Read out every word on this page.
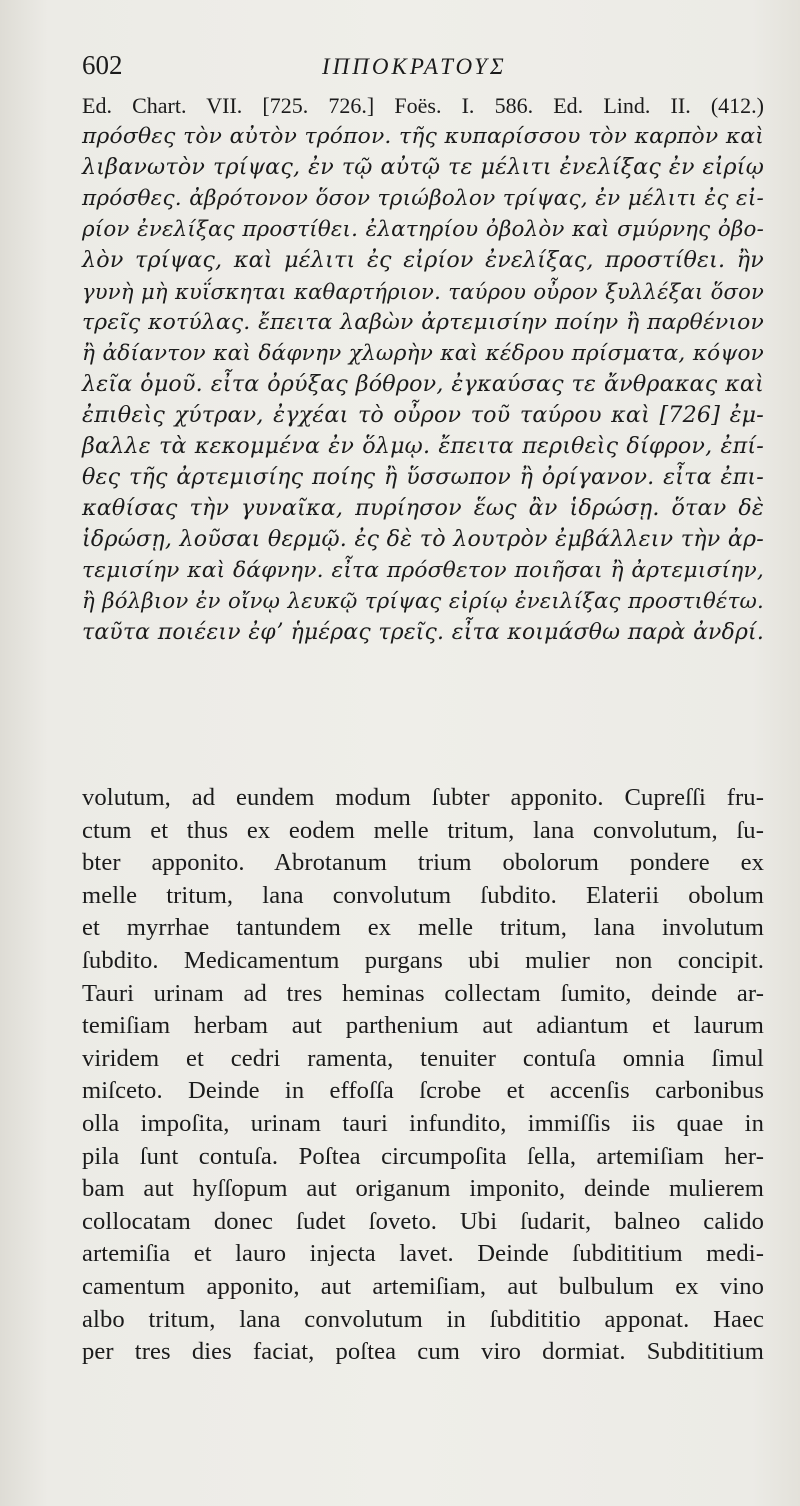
602	ΙΠΠΟΚΡΑΤΟΥΣ
Ed. Chart. VII. [725. 726.] Foës. I. 586. Ed. Lind. II. (412.)
πρόσθες τὸν αὐτὸν τρόπον. τῆς κυπαρίσσου τὸν καρπὸν καὶ
λιβανωτὸν τρίψας, ἐν τῷ αὐτῷ τε μέλιτι ἐνελίξας ἐν εἰρίῳ
πρόσθες. ἀβρότονον ὅσον τριώβολον τρίψας, ἐν μέλιτι ἐς εἰ-
ρίον ἐνελίξας προστίθει. ἐλατηρίου ὀβολὸν καὶ σμύρνης ὀβο-
λὸν τρίψας, καὶ μέλιτι ἐς εἰρίον ἐνελίξας, προστίθει. ἢν
γυνὴ μὴ κυΐσκηται καθαρτήριον. ταύρου οὖρον ξυλλέξαι ὅσον
τρεῖς κοτύλας. ἔπειτα λαβὼν ἀρτεμισίην ποίην ἢ παρθένιον
ἢ ἀδίαντον καὶ δάφνην χλωρὴν καὶ κέδρου πρίσματα, κόψον
λεῖα ὁμοῦ. εἶτα ὀρύξας βόθρον, ἐγκαύσας τε ἄνθρακας καὶ
ἐπιθεὶς χύτραν, ἐγχέαι τὸ οὖρον τοῦ ταύρου καὶ [726] ἐμ-
βαλλε τὰ κεκομμένα ἐν ὅλμῳ. ἔπειτα περιθεὶς δίφρον, ἐπί-
θες τῆς ἀρτεμισίης ποίης ἢ ὕσσωπον ἢ ὀρίγανον. εἶτα ἐπι-
καθίσας τὴν γυναῖκα, πυρίησον ἕως ἂν ἱδρώσῃ. ὅταν δὲ
ἱδρώσῃ, λοῦσαι θερμῷ. ἐς δὲ τὸ λουτρὸν ἐμβάλλειν τὴν ἀρ-
τεμισίην καὶ δάφνην. εἶτα πρόσθετον ποιῆσαι ἢ ἀρτεμισίην,
ἢ βόλβιον ἐν οἴνῳ λευκῷ τρίψας εἰρίῳ ἐνειλίξας προστιθέτω.
ταῦτα ποιέειν ἐφʼ ἡμέρας τρεῖς. εἶτα κοιμάσθω παρὰ ἀνδρί.
volutum, ad eundem modum ſubter apponito. Cupreſſi fru-
ctum et thus ex eodem melle tritum, lana convolutum, ſu-
bter apponito. Abrotanum trium obolorum pondere ex
melle tritum, lana convolutum ſubdito. Elaterii obolum
et myrrhae tantundem ex melle tritum, lana involutum
ſubdito. Medicamentum purgans ubi mulier non concipit.
Tauri urinam ad tres heminas collectam ſumito, deinde ar-
temiſiam herbam aut parthenium aut adiantum et laurum
viridem et cedri ramenta, tenuiter contuſa omnia ſimul
miſceto. Deinde in effoſſa ſcrobe et accenſis carbonibus
olla impoſita, urinam tauri infundito, immiſſis iis quae in
pila ſunt contuſa. Poſtea circumpoſita ſella, artemiſiam her-
bam aut hyſſopum aut origanum imponito, deinde mulierem
collocatam donec ſudet ſoveto. Ubi ſudarit, balneo calido
artemiſia et lauro injecta lavet. Deinde ſubdititium medi-
camentum apponito, aut artemiſiam, aut bulbulum ex vino
albo tritum, lana convolutum in ſubdititio apponat. Haec
per tres dies faciat, poſtea cum viro dormiat. Subdititium
